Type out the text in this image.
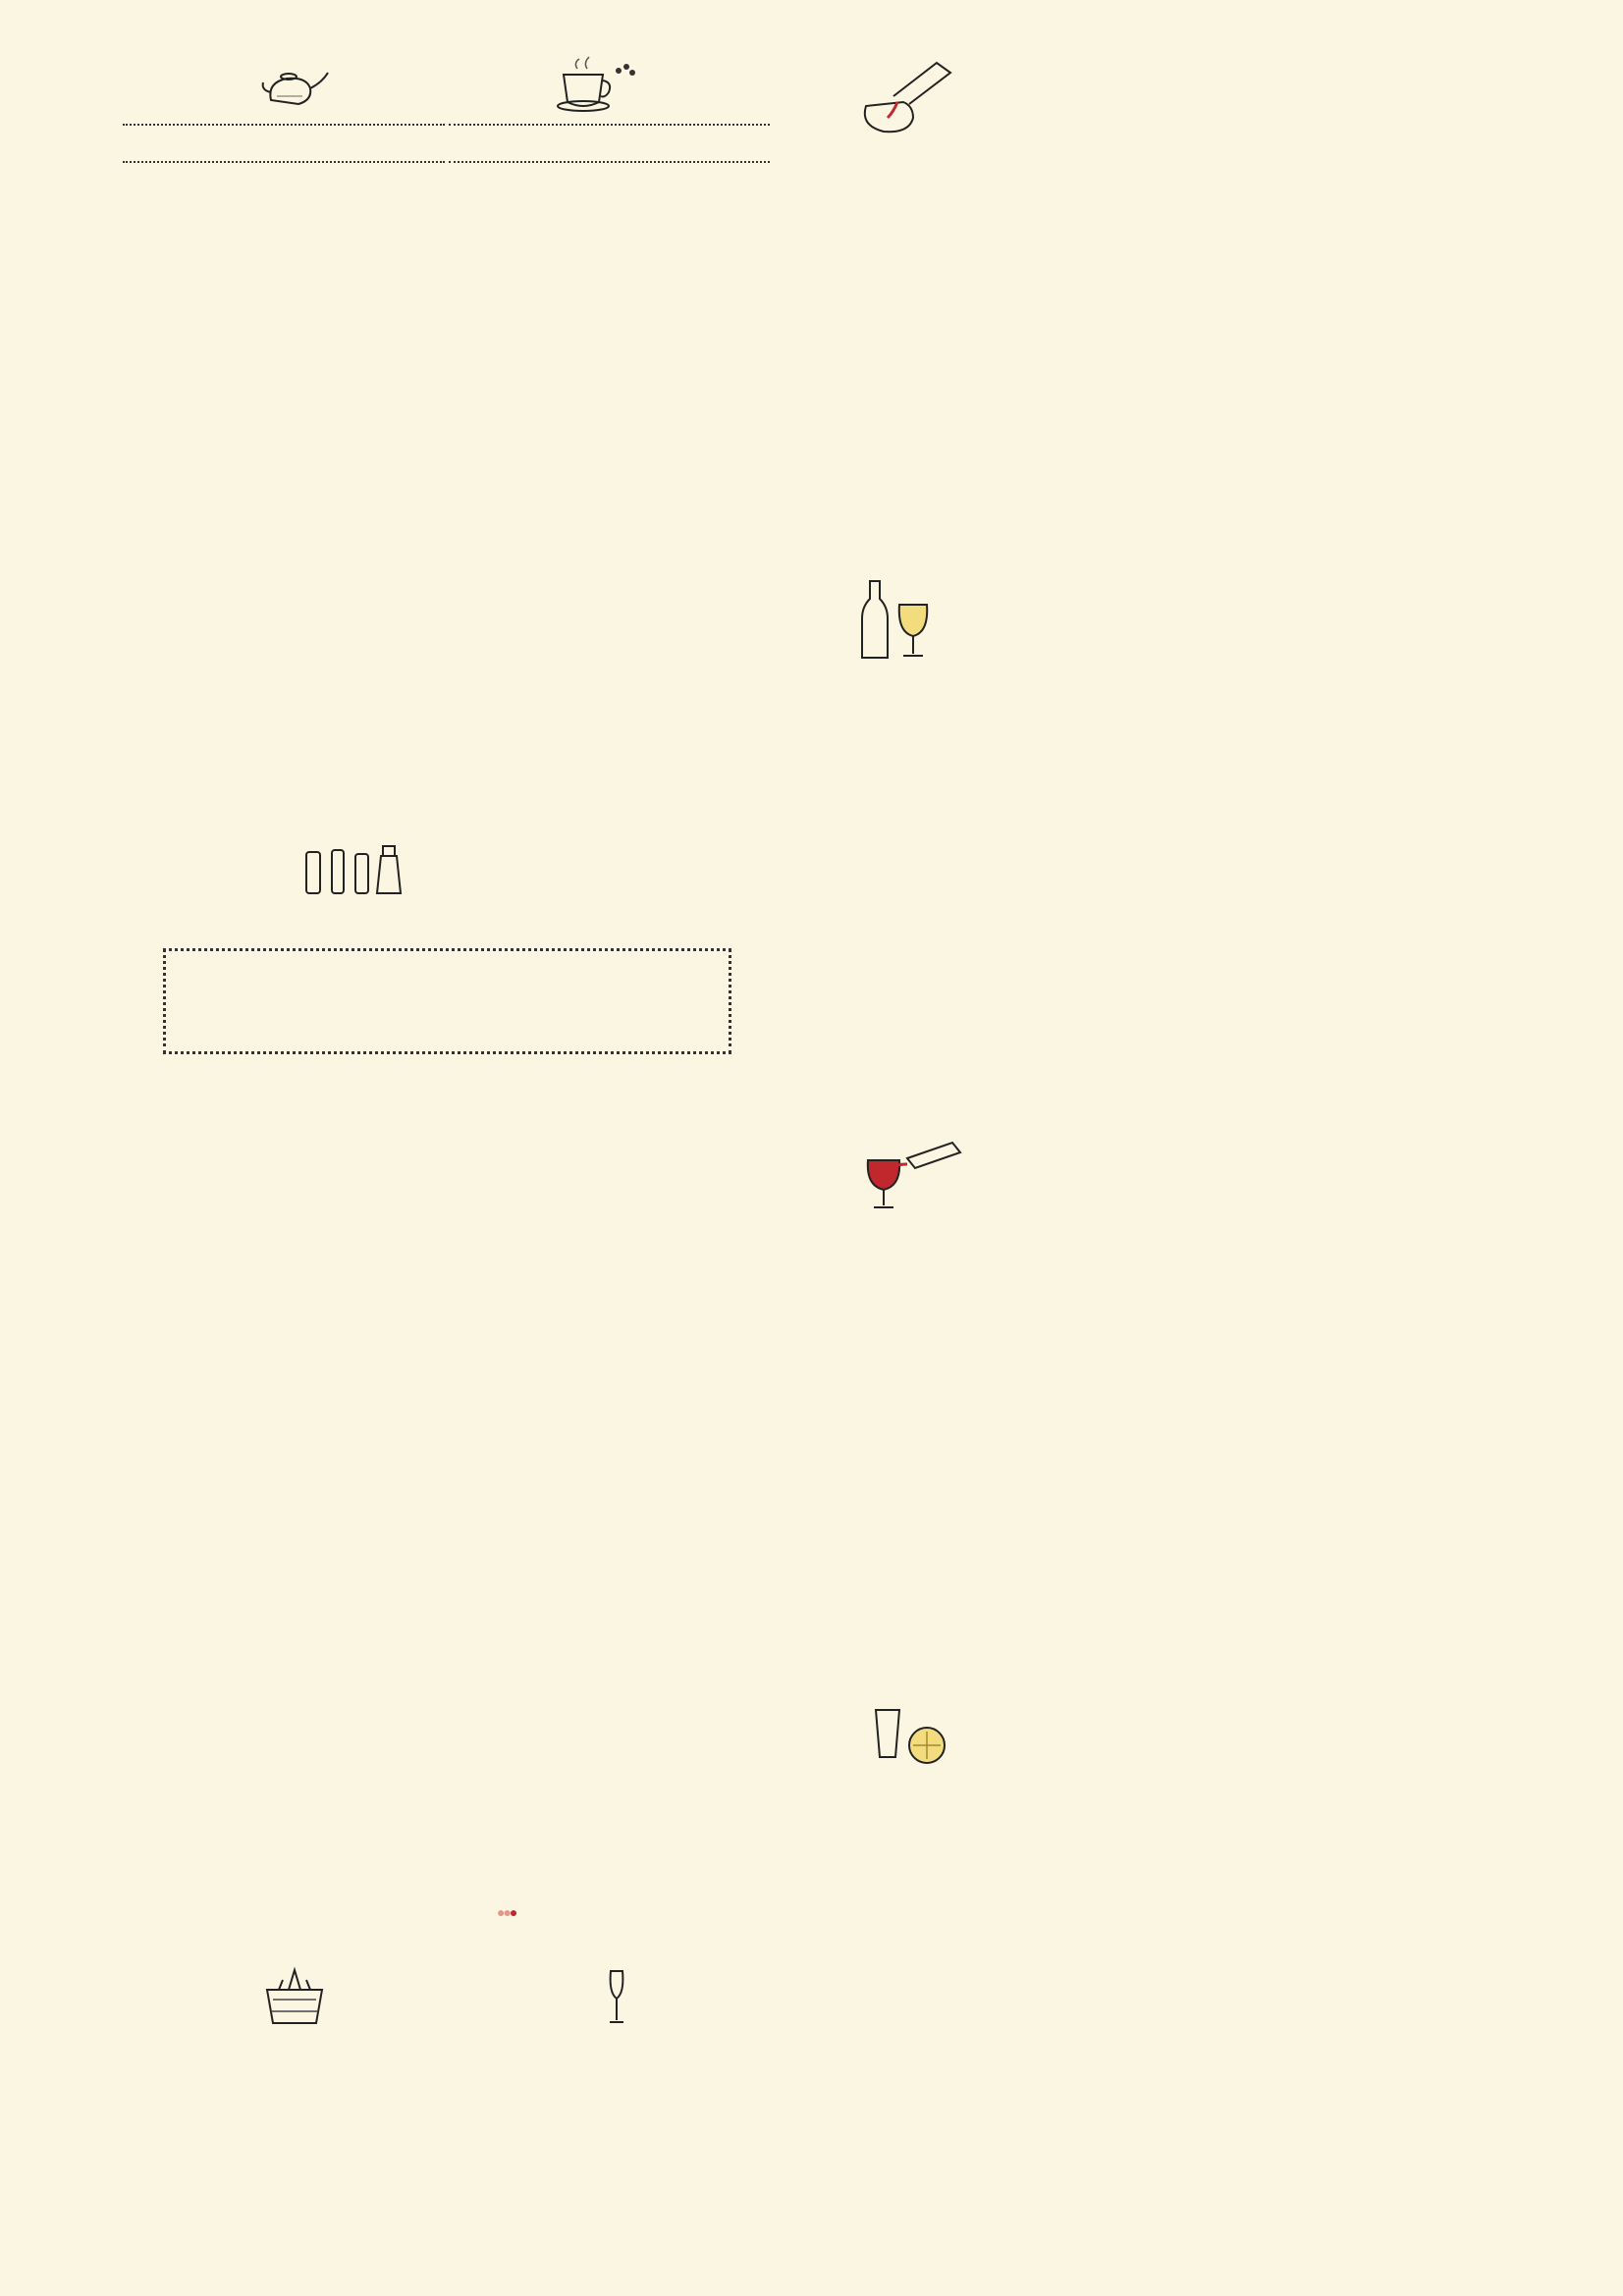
●●●
